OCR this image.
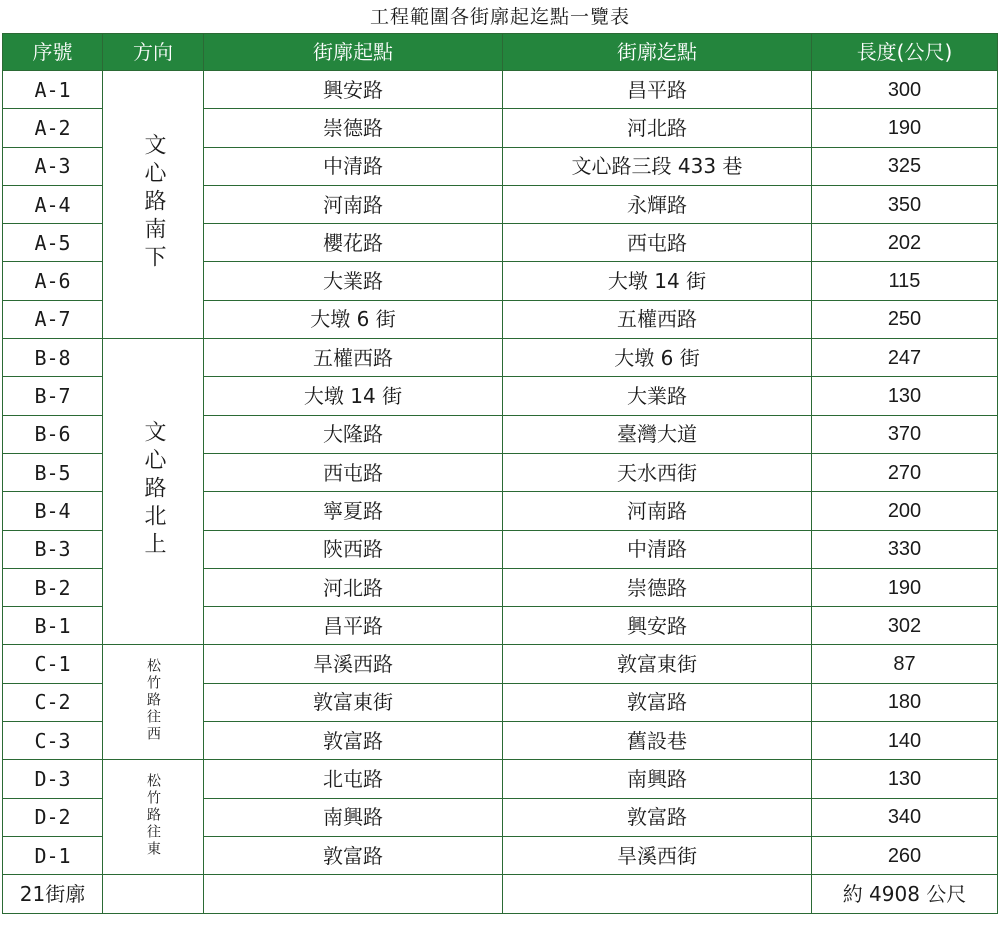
工程範圍各街廓起迄點一覽表
序號	方向	街廓起點	街廓迄點	長度(公尺)
A-1	文心路南下	興安路	昌平路	300
A-2		崇德路	河北路	190
A-3		中清路	文心路三段 433 巷	325
A-4		河南路	永輝路	350
A-5		櫻花路	西屯路	202
A-6		大業路	大墩 14 街	115
A-7		大墩 6 街	五權西路	250
B-8	文心路北上	五權西路	大墩 6 街	247
B-7		大墩 14 街	大業路	130
B-6		大隆路	臺灣大道	370
B-5		西屯路	天水西街	270
B-4		寧夏路	河南路	200
B-3		陝西路	中清路	330
B-2		河北路	崇德路	190
B-1		昌平路	興安路	302
C-1	松竹路往西	旱溪西路	敦富東街	87
C-2		敦富東街	敦富路	180
C-3		敦富路	舊設巷	140
D-3	松竹路往東	北屯路	南興路	130
D-2		南興路	敦富路	340
D-1		敦富路	旱溪西街	260
21街廓				約 4908 公尺
